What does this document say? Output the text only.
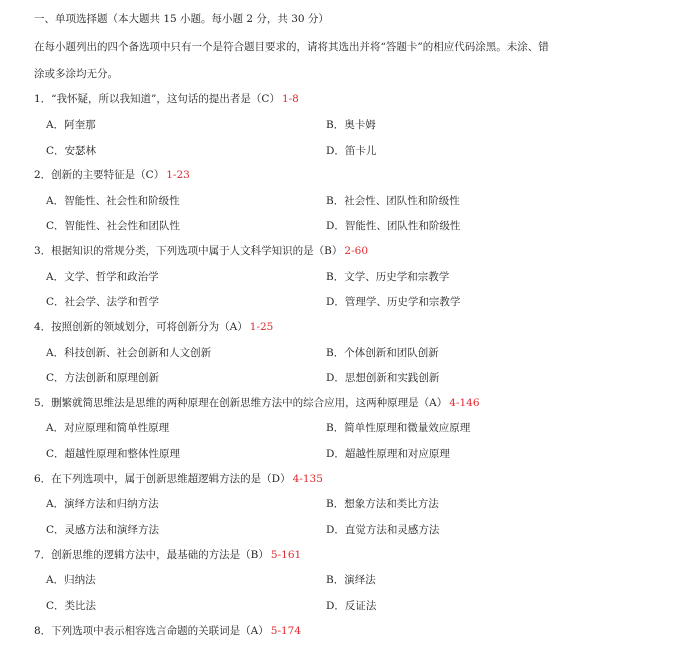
一、单项选择题（本大题共 15 小题。每小题 2 分，共 30 分）
在每小题列出的四个备选项中只有一个是符合题目要求的，请将其选出并将“答题卡”的相应代码涂黑。未涂、错
涂或多涂均无分。
1．“我怀疑，所以我知道”，这句话的提出者是（C） 1-8
A．阿奎那	B．奥卡姆
C．安瑟林	D．笛卡儿
2．创新的主要特征是（C） 1-23
A．智能性、社会性和阶级性	B．社会性、团队性和阶级性
C．智能性、社会性和团队性	D．智能性、团队性和阶级性
3．根据知识的常规分类，下列选项中属于人文科学知识的是（B） 2-60
A．文学、哲学和政治学	B．文学、历史学和宗教学
C．社会学、法学和哲学	D．管理学、历史学和宗教学
4．按照创新的领域划分，可将创新分为（A） 1-25
A．科技创新、社会创新和人文创新	B．个体创新和团队创新
C．方法创新和原理创新	D．思想创新和实践创新
5．删繁就简思维法是思维的两种原理在创新思维方法中的综合应用，这两种原理是（A） 4-146
A．对应原理和简单性原理	B．简单性原理和微量效应原理
C．超越性原理和整体性原理	D．超越性原理和对应原理
6．在下列选项中，属于创新思维超逻辑方法的是（D） 4-135
A．演绎方法和归纳方法	B．想象方法和类比方法
C．灵感方法和演绎方法	D．直觉方法和灵感方法
7．创新思维的逻辑方法中，最基础的方法是（B） 5-161
A．归纳法	B．演绎法
C．类比法	D．反证法
8．下列选项中表示相容选言命题的关联词是（A） 5-174
